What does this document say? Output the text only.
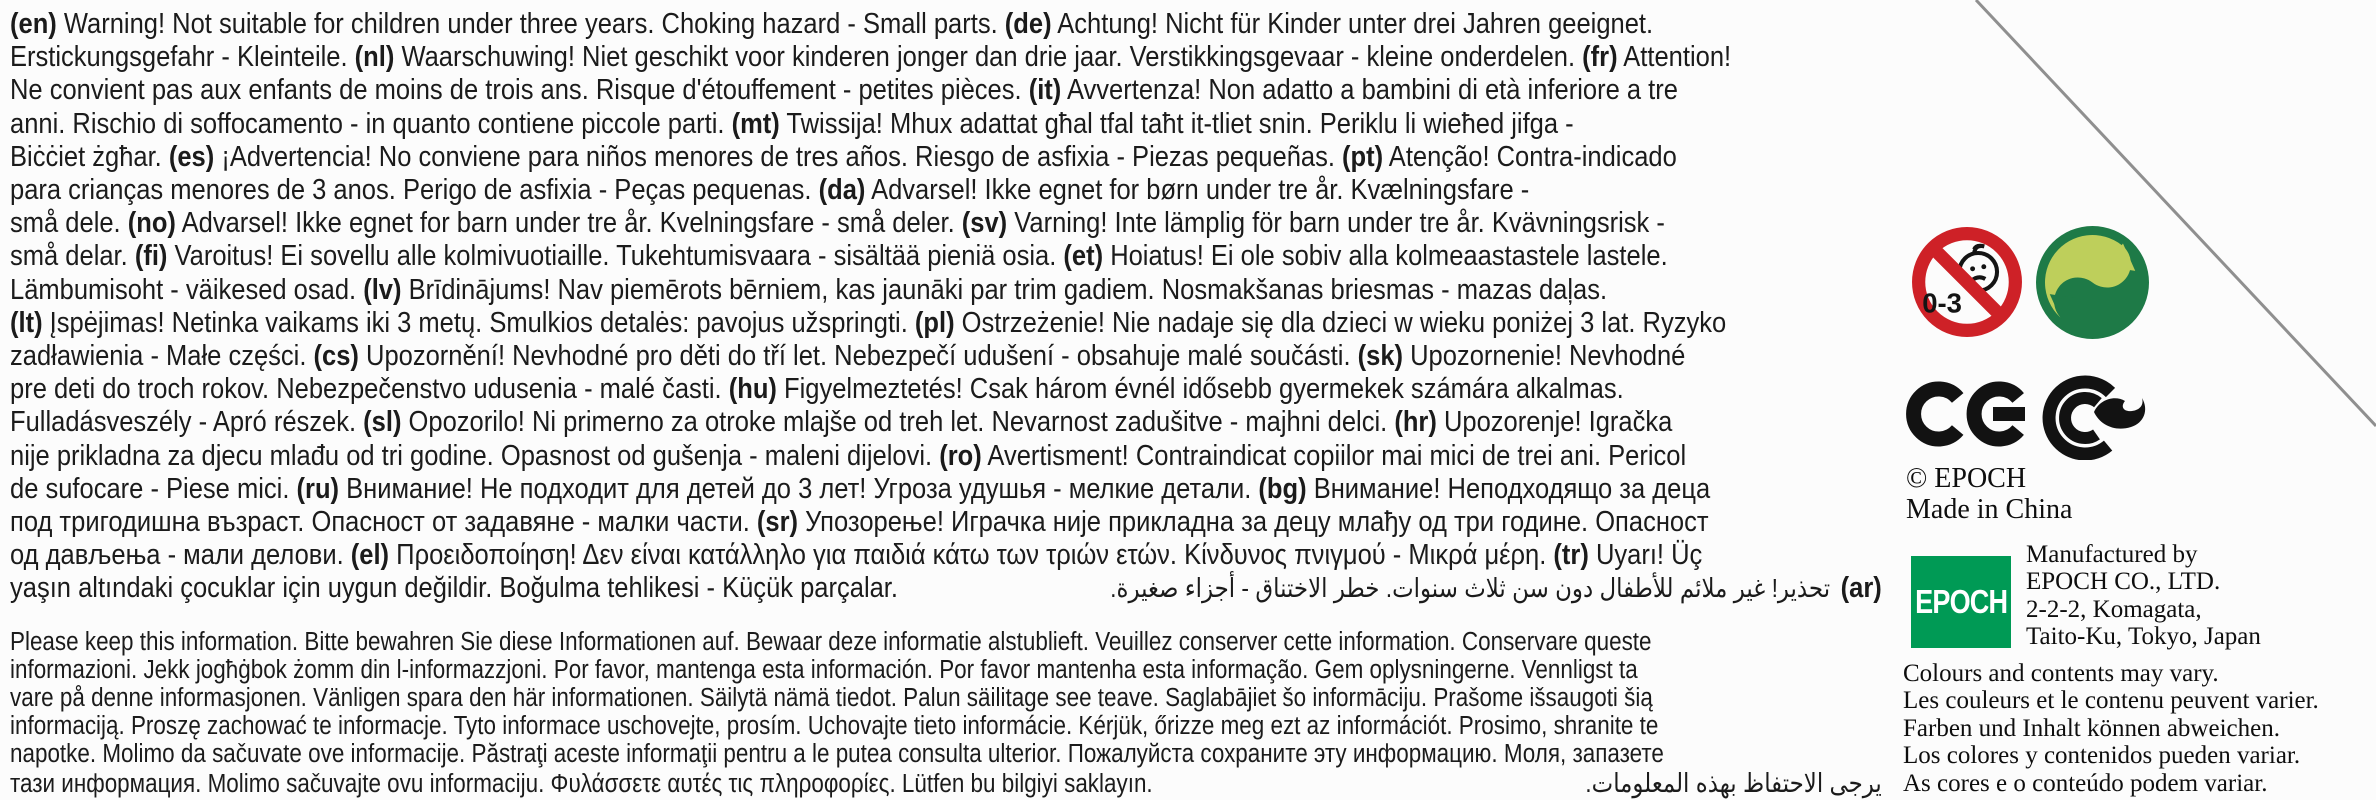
(en) Warning! Not suitable for children under three years. Choking hazard - Small parts. (de) Achtung! Nicht für Kinder unter drei Jahren geeignet.
Erstickungsgefahr - Kleinteile. (nl) Waarschuwing! Niet geschikt voor kinderen jonger dan drie jaar. Verstikkingsgevaar - kleine onderdelen. (fr) Attention!
Ne convient pas aux enfants de moins de trois ans. Risque d'étouffement - petites pièces. (it) Avvertenza! Non adatto a bambini di età inferiore a tre
anni. Rischio di soffocamento - in quanto contiene piccole parti. (mt) Twissija! Mhux adattat għal tfal taħt it-tliet snin. Periklu li wieħed jifga -
Biċċiet żgħar. (es) ¡Advertencia! No conviene para niños menores de tres años. Riesgo de asfixia - Piezas pequeñas. (pt) Atenção! Contra-indicado
para crianças menores de 3 anos. Perigo de asfixia - Peças pequenas. (da) Advarsel! Ikke egnet for børn under tre år. Kvælningsfare -
små dele. (no) Advarsel! Ikke egnet for barn under tre år. Kvelningsfare - små deler. (sv) Varning! Inte lämplig för barn under tre år. Kvävningsrisk -
små delar. (fi) Varoitus! Ei sovellu alle kolmivuotiaille. Tukehtumisvaara - sisältää pieniä osia. (et) Hoiatus! Ei ole sobiv alla kolmeaastastele lastele.
Lämbumisoht - väikesed osad. (lv) Brīdinājums! Nav piemērots bērniem, kas jaunāki par trim gadiem. Nosmakšanas briesmas - mazas daļas.
(lt) Įspėjimas! Netinka vaikams iki 3 metų. Smulkios detalės: pavojus užspringti. (pl) Ostrzeżenie! Nie nadaje się dla dzieci w wieku poniżej 3 lat. Ryzyko
zadławienia - Małe części. (cs) Upozornění! Nevhodné pro děti do tří let. Nebezpečí udušení - obsahuje malé součásti. (sk) Upozornenie! Nevhodné
pre deti do troch rokov. Nebezpečenstvo udusenia - malé časti. (hu) Figyelmeztetés! Csak három évnél idősebb gyermekek számára alkalmas.
Fulladásveszély - Apró részek. (sl) Opozorilo! Ni primerno za otroke mlajše od treh let. Nevarnost zadušitve - majhni delci. (hr) Upozorenje! Igračka
nije prikladna za djecu mlađu od tri godine. Opasnost od gušenja - maleni dijelovi. (ro) Avertisment! Contraindicat copiilor mai mici de trei ani. Pericol
de sufocare - Piese mici. (ru) Внимание! Не подходит для детей до 3 лет! Угроза удушья - мелкие детали. (bg) Внимание! Неподходящо за деца
под тригодишна възраст. Опасност от задавяне - малки части. (sr) Упозорење! Играчка није прикладна за децу млађу од три године. Опасност
од дављења - мали делови. (el) Προειδοποίηση! Δεν είναι κατάλληλο για παιδιά κάτω των τριών ετών. Κίνδυνος πνιγμού - Μικρά μέρη. (tr) Uyarı! Üç
yaşın altındaki çocuklar için uygun değildir. Boğulma tehlikesi - Küçük parçalar.	تحذير! غير ملائم للأطفال دون سن ثلاث سنوات. خطر الاختناق - أجزاء صغيرة. (ar)
Please keep this information. Bitte bewahren Sie diese Informationen auf. Bewaar deze informatie alstublieft. Veuillez conserver cette information. Conservare queste
informazioni. Jekk jogħġbok żomm din l-informazzjoni. Por favor, mantenga esta información. Por favor mantenha esta informação. Gem oplysningerne. Vennligst ta
vare på denne informasjonen. Vänligen spara den här informationen. Säilytä nämä tiedot. Palun säilitage see teave. Saglabājiet šo informāciju. Prašome išsaugoti šią
informaciją. Proszę zachować te informacje. Tyto informace uschovejte, prosím. Uchovajte tieto informácie. Kérjük, őrizze meg ezt az információt. Prosimo, shranite te
napotke. Molimo da sačuvate ove informacije. Păstraţi aceste informaţii pentru a le putea consulta ulterior. Пожалуйста сохраните эту информацию. Моля, запазете
тази информация. Molimo sačuvajte ovu informaciju. Φυλάσσετε αυτές τις πληροφορίες. Lütfen bu bilgiyi saklayın.	يرجى الاحتفاظ بهذه المعلومات.
0-3
© EPOCH
Made in China
EPOCH
Manufactured by
EPOCH CO., LTD.
2-2-2, Komagata,
Taito-Ku, Tokyo, Japan
Colours and contents may vary.
Les couleurs et le contenu peuvent varier.
Farben und Inhalt können abweichen.
Los colores y contenidos pueden variar.
As cores e o conteúdo podem variar.
